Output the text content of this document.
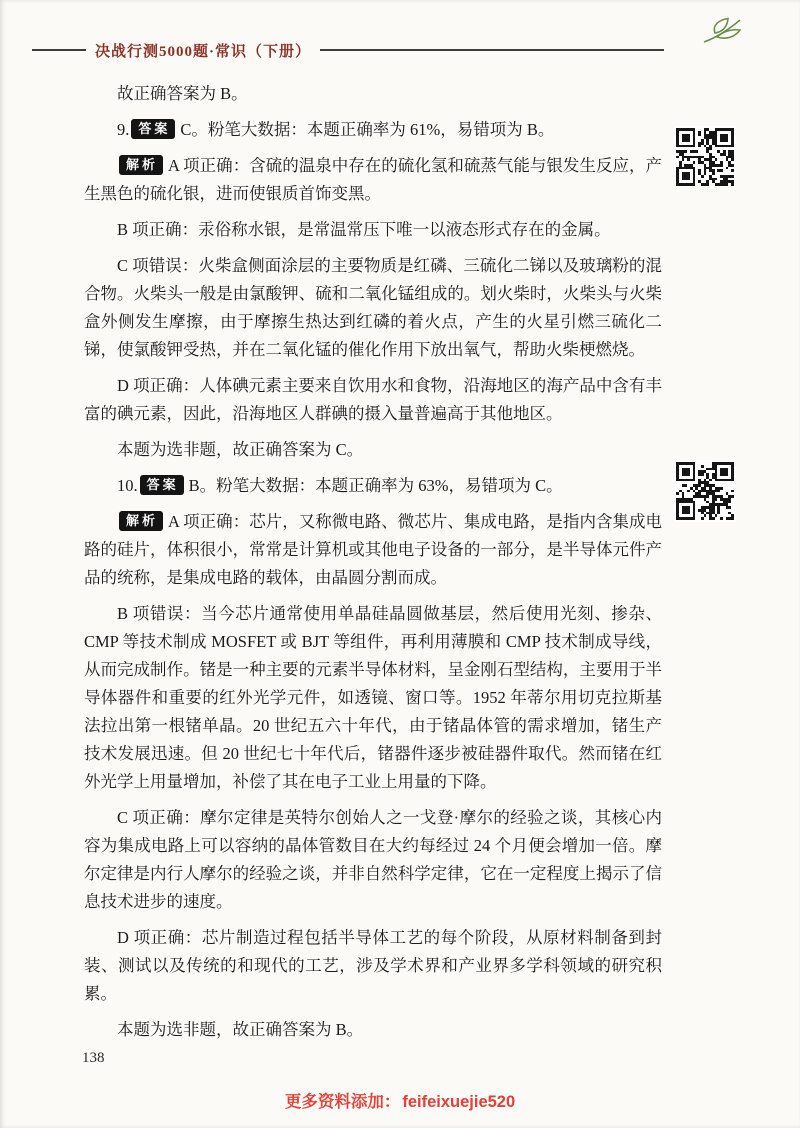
决战行测5000题·常识（下册）

故正确答案为 B。

9. 答案 C。粉笔大数据：本题正确率为 61%，易错项为 B。

解析 A 项正确：含硫的温泉中存在的硫化氢和硫蒸气能与银发生反应，产生黑色的硫化银，进而使银质首饰变黑。

B 项正确：汞俗称水银，是常温常压下唯一以液态形式存在的金属。

C 项错误：火柴盒侧面涂层的主要物质是红磷、三硫化二锑以及玻璃粉的混合物。火柴头一般是由氯酸钾、硫和二氧化锰组成的。划火柴时，火柴头与火柴盒外侧发生摩擦，由于摩擦生热达到红磷的着火点，产生的火星引燃三硫化二锑，使氯酸钾受热，并在二氧化锰的催化作用下放出氧气，帮助火柴梗燃烧。

D 项正确：人体碘元素主要来自饮用水和食物，沿海地区的海产品中含有丰富的碘元素，因此，沿海地区人群碘的摄入量普遍高于其他地区。

本题为选非题，故正确答案为 C。

10. 答案 B。粉笔大数据：本题正确率为 63%，易错项为 C。

解析 A 项正确：芯片，又称微电路、微芯片、集成电路，是指内含集成电路的硅片，体积很小，常常是计算机或其他电子设备的一部分，是半导体元件产品的统称，是集成电路的载体，由晶圆分割而成。

B 项错误：当今芯片通常使用单晶硅晶圆做基层，然后使用光刻、掺杂、CMP 等技术制成 MOSFET 或 BJT 等组件，再利用薄膜和 CMP 技术制成导线，从而完成制作。锗是一种主要的元素半导体材料，呈金刚石型结构，主要用于半导体器件和重要的红外光学元件，如透镜、窗口等。1952 年蒂尔用切克拉斯基法拉出第一根锗单晶。20 世纪五六十年代，由于锗晶体管的需求增加，锗生产技术发展迅速。但 20 世纪七十年代后，锗器件逐步被硅器件取代。然而锗在红外光学上用量增加，补偿了其在电子工业上用量的下降。

C 项正确：摩尔定律是英特尔创始人之一戈登·摩尔的经验之谈，其核心内容为集成电路上可以容纳的晶体管数目在大约每经过 24 个月便会增加一倍。摩尔定律是内行人摩尔的经验之谈，并非自然科学定律，它在一定程度上揭示了信息技术进步的速度。

D 项正确：芯片制造过程包括半导体工艺的每个阶段，从原材料制备到封装、测试以及传统的和现代的工艺，涉及学术界和产业界多学科领域的研究积累。

本题为选非题，故正确答案为 B。

138
更多资料添加： feifeixuejie520
